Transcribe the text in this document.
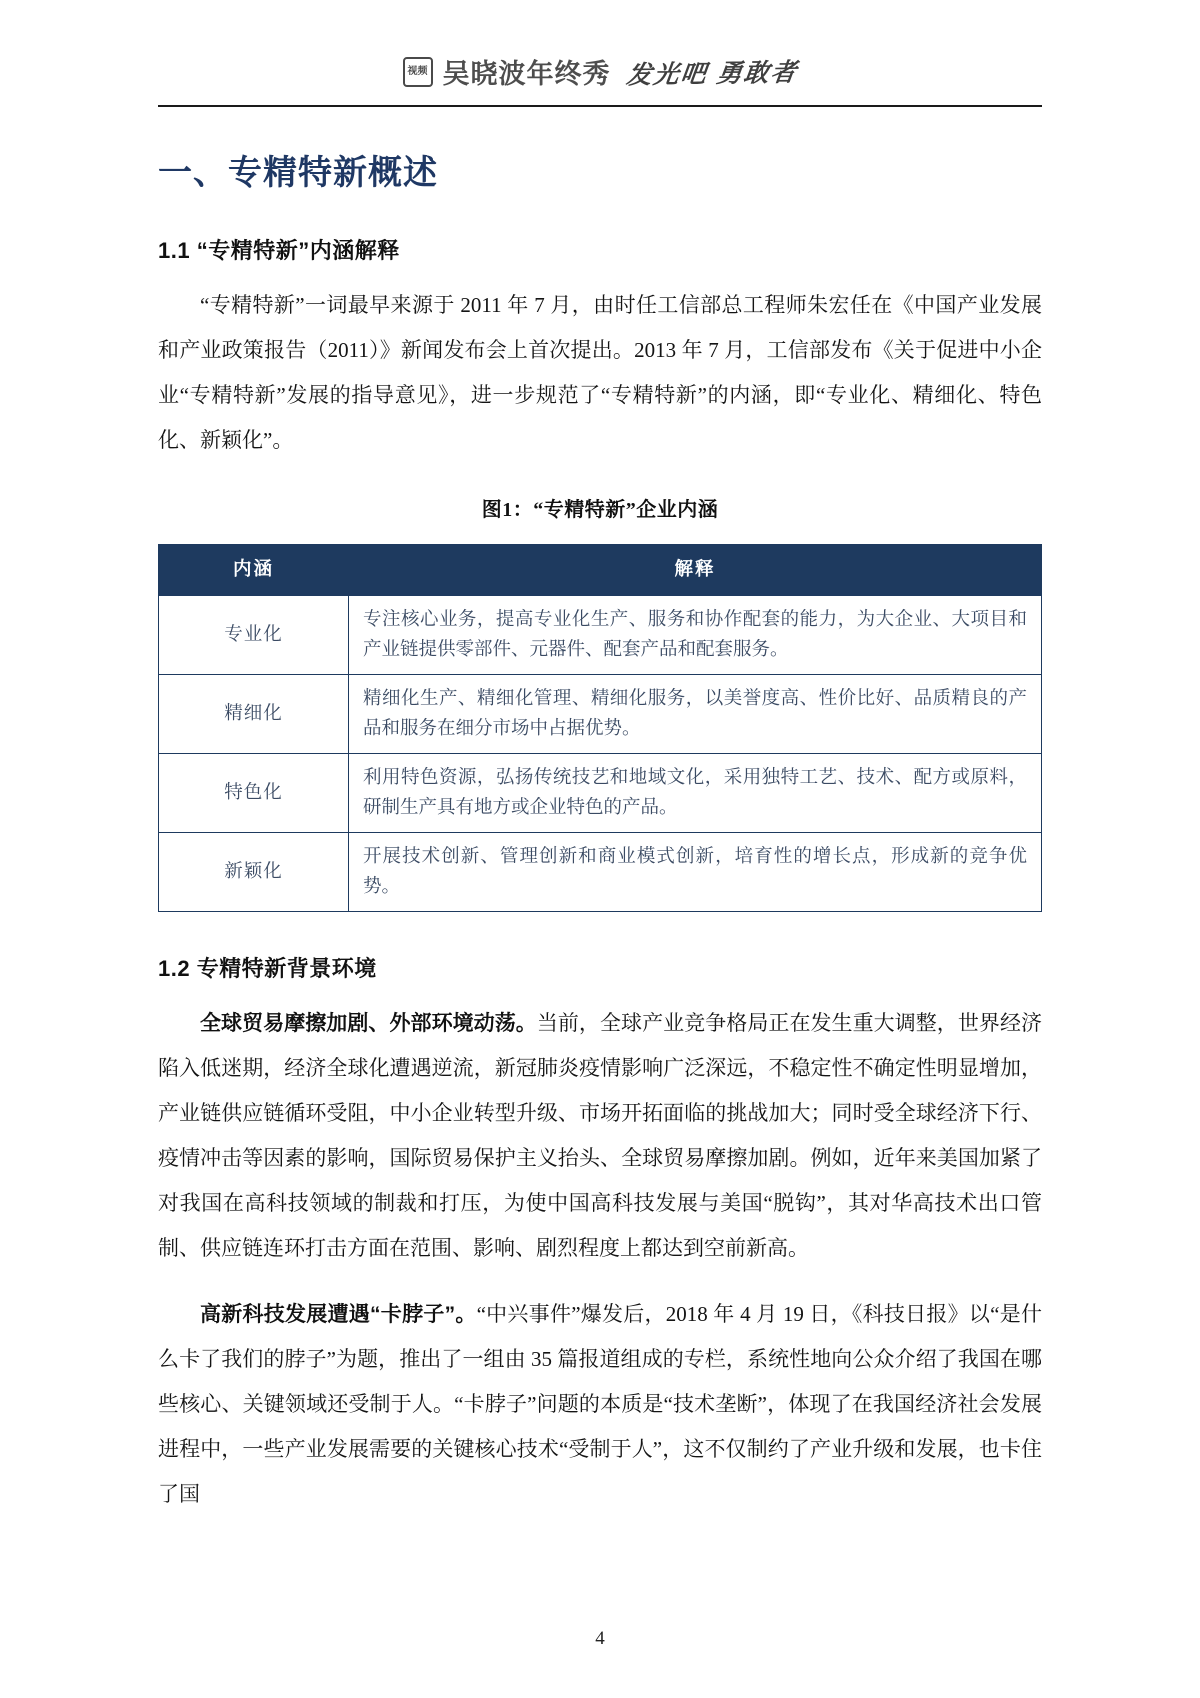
视频 吴晓波年终秀 发光吧 勇敢者
一、专精特新概述
1.1 “专精特新”内涵解释

“专精特新”一词最早来源于 2011 年 7 月，由时任工信部总工程师朱宏任在《中国产业发展和产业政策报告（2011）》新闻发布会上首次提出。2013 年 7 月，工信部发布《关于促进中小企业“专精特新”发展的指导意见》，进一步规范了“专精特新”的内涵，即“专业化、精细化、特色化、新颖化”。

图1：“专精特新”企业内涵
内涵	解释
专业化	专注核心业务，提高专业化生产、服务和协作配套的能力，为大企业、大项目和产业链提供零部件、元器件、配套产品和配套服务。
精细化	精细化生产、精细化管理、精细化服务，以美誉度高、性价比好、品质精良的产品和服务在细分市场中占据优势。
特色化	利用特色资源，弘扬传统技艺和地域文化，采用独特工艺、技术、配方或原料，研制生产具有地方或企业特色的产品。
新颖化	开展技术创新、管理创新和商业模式创新，培育性的增长点，形成新的竞争优势。
1.2 专精特新背景环境

全球贸易摩擦加剧、外部环境动荡。当前，全球产业竞争格局正在发生重大调整，世界经济陷入低迷期，经济全球化遭遇逆流，新冠肺炎疫情影响广泛深远，不稳定性不确定性明显增加，产业链供应链循环受阻，中小企业转型升级、市场开拓面临的挑战加大；同时受全球经济下行、疫情冲击等因素的影响，国际贸易保护主义抬头、全球贸易摩擦加剧。例如，近年来美国加紧了对我国在高科技领域的制裁和打压，为使中国高科技发展与美国“脱钩”，其对华高技术出口管制、供应链连环打击方面在范围、影响、剧烈程度上都达到空前新高。

高新科技发展遭遇“卡脖子”。“中兴事件”爆发后，2018 年 4 月 19 日，《科技日报》以“是什么卡了我们的脖子”为题，推出了一组由 35 篇报道组成的专栏，系统性地向公众介绍了我国在哪些核心、关键领域还受制于人。“卡脖子”问题的本质是“技术垄断”，体现了在我国经济社会发展进程中，一些产业发展需要的关键核心技术“受制于人”，这不仅制约了产业升级和发展，也卡住了国

4
